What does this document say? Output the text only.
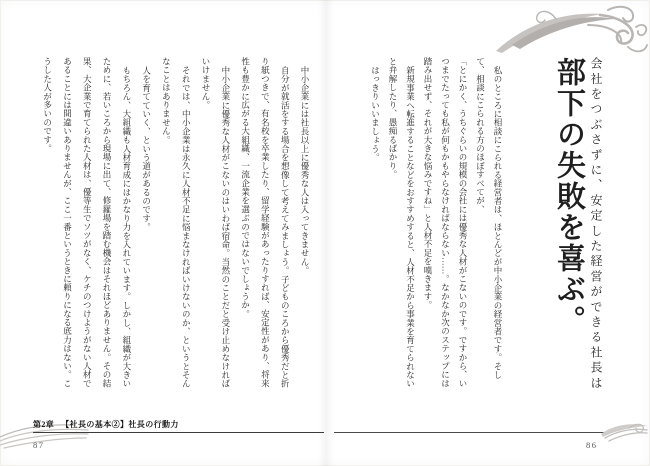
会社をつぶさずに、安定した経営ができる社長は

部下の失敗を喜ぶ。

私のところに相談にこられる経営者は、ほとんどが中小企業の経営者です。そして、相談にこられる方のほぼすべてが、

「とにかく、うちぐらいの規模の会社には優秀な人材がこないのです。ですから、いつまでたっても私が何もかもやらなければならない……。なかなか次のステップには踏み出せず、それが大きな悩みですね」と人材不足を嘆きます。

新規事業へ転進することなどをおすすめすると、人材不足から事業を育てられないと弁解したり、愚痴るばかり。

はっきりいいましょう。

86

中小企業には社長以上に優秀な人は入ってきません。

自分が就活をする場合を想像して考えてみましょう。子どものころから優秀だと折り紙つきで、有名校を卒業したり、留学経験があったりすれば、安定性があり、将来性も豊かに広がる大組織、一流企業を選ぶのではないでしょうか。

中小企業に優秀な人材がこないのはいわば宿命。当然のことだと受け止めなければいけません。

それでは、中小企業は永久に人材不足に悩まなければいけないのか、というとそんなことはありません。

人を育てていく、という道があるのです。

もちろん、大組織も人材育成にはかなり力を入れています。しかし、組織が大きいために、若いころから現場に出て、修羅場を踏む機会はそれほどありません。その結果、大企業で育てられた人材は、優等生でソツがなく、ケチのつけようがない人材であることには間違いありませんが、ここ一番というときに頼りになる底力はない。こうした人が多いのです。

第2章 【社長の基本②】社長の行動力
87
